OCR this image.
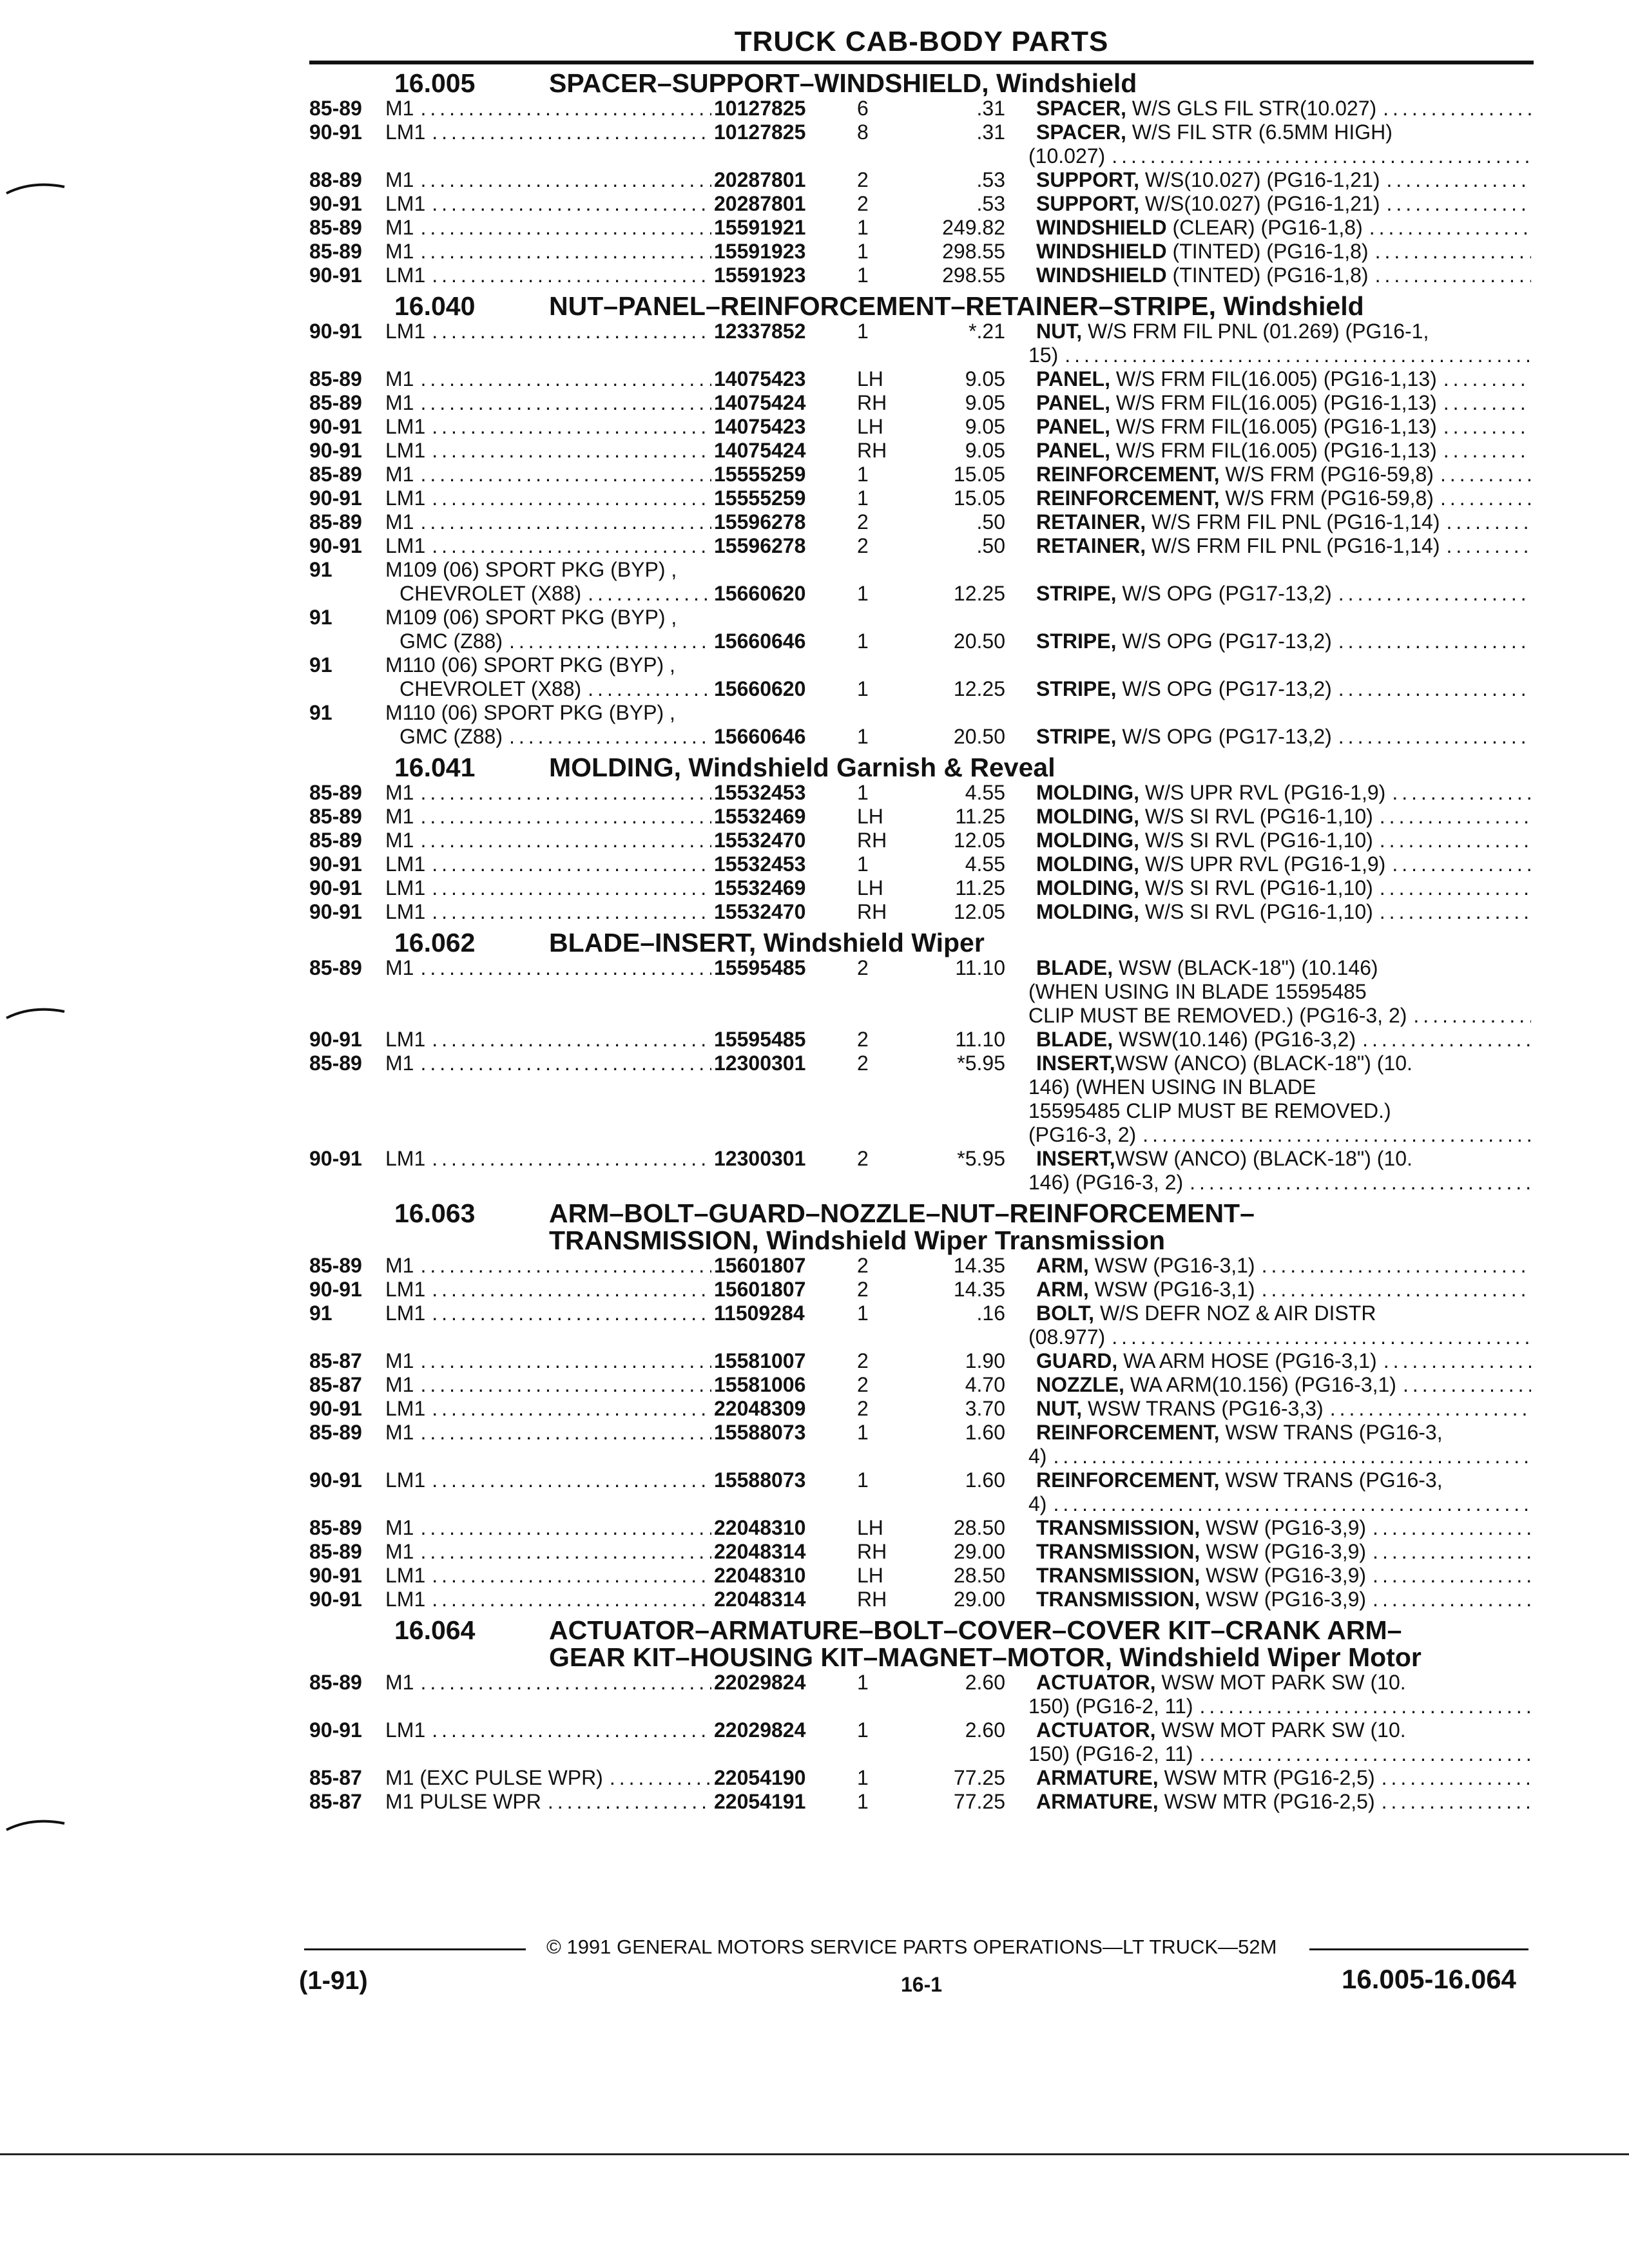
TRUCK CAB-BODY PARTS
16.005	SPACER–SUPPORT–WINDSHIELD, Windshield
85-89	M1 .....	10127825	6	.31 SPACER, W/S GLS FIL STR(10.027)
.....
90-91	LM1 .....	10127825	8	.31 SPACER, W/S FIL STR (6.5MM HIGH)
(10.027)
.....
88-89	M1 .....	20287801	2	.53 SUPPORT, W/S(10.027) (PG16-1,21)
.....
90-91	LM1 .....	20287801	2	.53 SUPPORT, W/S(10.027) (PG16-1,21)
.....
85-89	M1 .....	15591921	1	249.82 WINDSHIELD (CLEAR) (PG16-1,8)
.....
85-89	M1 .....	15591923	1	298.55 WINDSHIELD (TINTED) (PG16-1,8)
.....
90-91	LM1 .....	15591923	1	298.55 WINDSHIELD (TINTED) (PG16-1,8)
.....
16.040	NUT–PANEL–REINFORCEMENT–RETAINER–STRIPE, Windshield
90-91	LM1 .....	12337852	1	*.21 NUT, W/S FRM FIL PNL (01.269) (PG16-1,
15)
.....
85-89	M1 .....	14075423	LH	9.05 PANEL, W/S FRM FIL(16.005) (PG16-1,13)
.....
85-89	M1 .....	14075424	RH	9.05 PANEL, W/S FRM FIL(16.005) (PG16-1,13)
.....
90-91	LM1 .....	14075423	LH	9.05 PANEL, W/S FRM FIL(16.005) (PG16-1,13)
.....
90-91	LM1 .....	14075424	RH	9.05 PANEL, W/S FRM FIL(16.005) (PG16-1,13)
.....
85-89	M1 .....	15555259	1	15.05 REINFORCEMENT, W/S FRM (PG16-59,8)
.....
90-91	LM1 .....	15555259	1	15.05 REINFORCEMENT, W/S FRM (PG16-59,8)
.....
85-89	M1 .....	15596278	2	.50 RETAINER, W/S FRM FIL PNL (PG16-1,14)
.....
90-91	LM1 .....	15596278	2	.50 RETAINER, W/S FRM FIL PNL (PG16-1,14)
.....
91	M109 (06) SPORT PKG (BYP) ,
CHEVROLET (X88) .....	15660620	1	12.25 STRIPE, W/S OPG (PG17-13,2)
.....
91	M109 (06) SPORT PKG (BYP) ,
GMC (Z88) .....	15660646	1	20.50 STRIPE, W/S OPG (PG17-13,2)
.....
91	M110 (06) SPORT PKG (BYP) ,
CHEVROLET (X88) .....	15660620	1	12.25 STRIPE, W/S OPG (PG17-13,2)
.....
91	M110 (06) SPORT PKG (BYP) ,
GMC (Z88) .....	15660646	1	20.50 STRIPE, W/S OPG (PG17-13,2)
.....
16.041	MOLDING, Windshield Garnish & Reveal
85-89	M1 .....	15532453	1	4.55 MOLDING, W/S UPR RVL (PG16-1,9)
.....
85-89	M1 .....	15532469	LH	11.25 MOLDING, W/S SI RVL (PG16-1,10)
.....
85-89	M1 .....	15532470	RH	12.05 MOLDING, W/S SI RVL (PG16-1,10)
.....
90-91	LM1 .....	15532453	1	4.55 MOLDING, W/S UPR RVL (PG16-1,9)
.....
90-91	LM1 .....	15532469	LH	11.25 MOLDING, W/S SI RVL (PG16-1,10)
.....
90-91	LM1 .....	15532470	RH	12.05 MOLDING, W/S SI RVL (PG16-1,10)
.....
16.062	BLADE–INSERT, Windshield Wiper
85-89	M1 .....	15595485	2	11.10 BLADE, WSW (BLACK-18") (10.146)
(WHEN USING IN BLADE 15595485
CLIP MUST BE REMOVED.) (PG16-3, 2)
.....
90-91	LM1 .....	15595485	2	11.10 BLADE, WSW(10.146) (PG16-3,2)
.....
85-89	M1 .....	12300301	2	*5.95 INSERT,WSW (ANCO) (BLACK-18") (10.
146) (WHEN USING IN BLADE
15595485 CLIP MUST BE REMOVED.)
(PG16-3, 2)
.....
90-91	LM1 .....	12300301	2	*5.95 INSERT,WSW (ANCO) (BLACK-18") (10.
146) (PG16-3, 2)
.....
16.063	ARM–BOLT–GUARD–NOZZLE–NUT–REINFORCEMENT–
TRANSMISSION, Windshield Wiper Transmission
85-89	M1 .....	15601807	2	14.35 ARM, WSW (PG16-3,1)
.....
90-91	LM1 .....	15601807	2	14.35 ARM, WSW (PG16-3,1)
.....
91	LM1 .....	11509284	1	.16 BOLT, W/S DEFR NOZ & AIR DISTR
(08.977)
.....
85-87	M1 .....	15581007	2	1.90 GUARD, WA ARM HOSE (PG16-3,1)
.....
85-87	M1 .....	15581006	2	4.70 NOZZLE, WA ARM(10.156) (PG16-3,1)
.....
90-91	LM1 .....	22048309	2	3.70 NUT, WSW TRANS (PG16-3,3)
.....
85-89	M1 .....	15588073	1	1.60 REINFORCEMENT, WSW TRANS (PG16-3,
4)
.....
90-91	LM1 .....	15588073	1	1.60 REINFORCEMENT, WSW TRANS (PG16-3,
4)
.....
85-89	M1 .....	22048310	LH	28.50 TRANSMISSION, WSW (PG16-3,9)
.....
85-89	M1 .....	22048314	RH	29.00 TRANSMISSION, WSW (PG16-3,9)
.....
90-91	LM1 .....	22048310	LH	28.50 TRANSMISSION, WSW (PG16-3,9)
.....
90-91	LM1 .....	22048314	RH	29.00 TRANSMISSION, WSW (PG16-3,9)
.....
16.064	ACTUATOR–ARMATURE–BOLT–COVER–COVER KIT–CRANK ARM–
GEAR KIT–HOUSING KIT–MAGNET–MOTOR, Windshield Wiper Motor
85-89	M1 .....	22029824	1	2.60 ACTUATOR, WSW MOT PARK SW (10.
150) (PG16-2, 11)
.....
90-91	LM1 .....	22029824	1	2.60 ACTUATOR, WSW MOT PARK SW (10.
150) (PG16-2, 11)
.....
85-87	M1 (EXC PULSE WPR) .....	22054190	1	77.25 ARMATURE, WSW MTR (PG16-2,5)
.....
85-87	M1 PULSE WPR .....	22054191	1	77.25 ARMATURE, WSW MTR (PG16-2,5)
.....
© 1991 GENERAL MOTORS SERVICE PARTS OPERATIONS—LT TRUCK—52M
(1-91)	16-1	16.005-16.064
